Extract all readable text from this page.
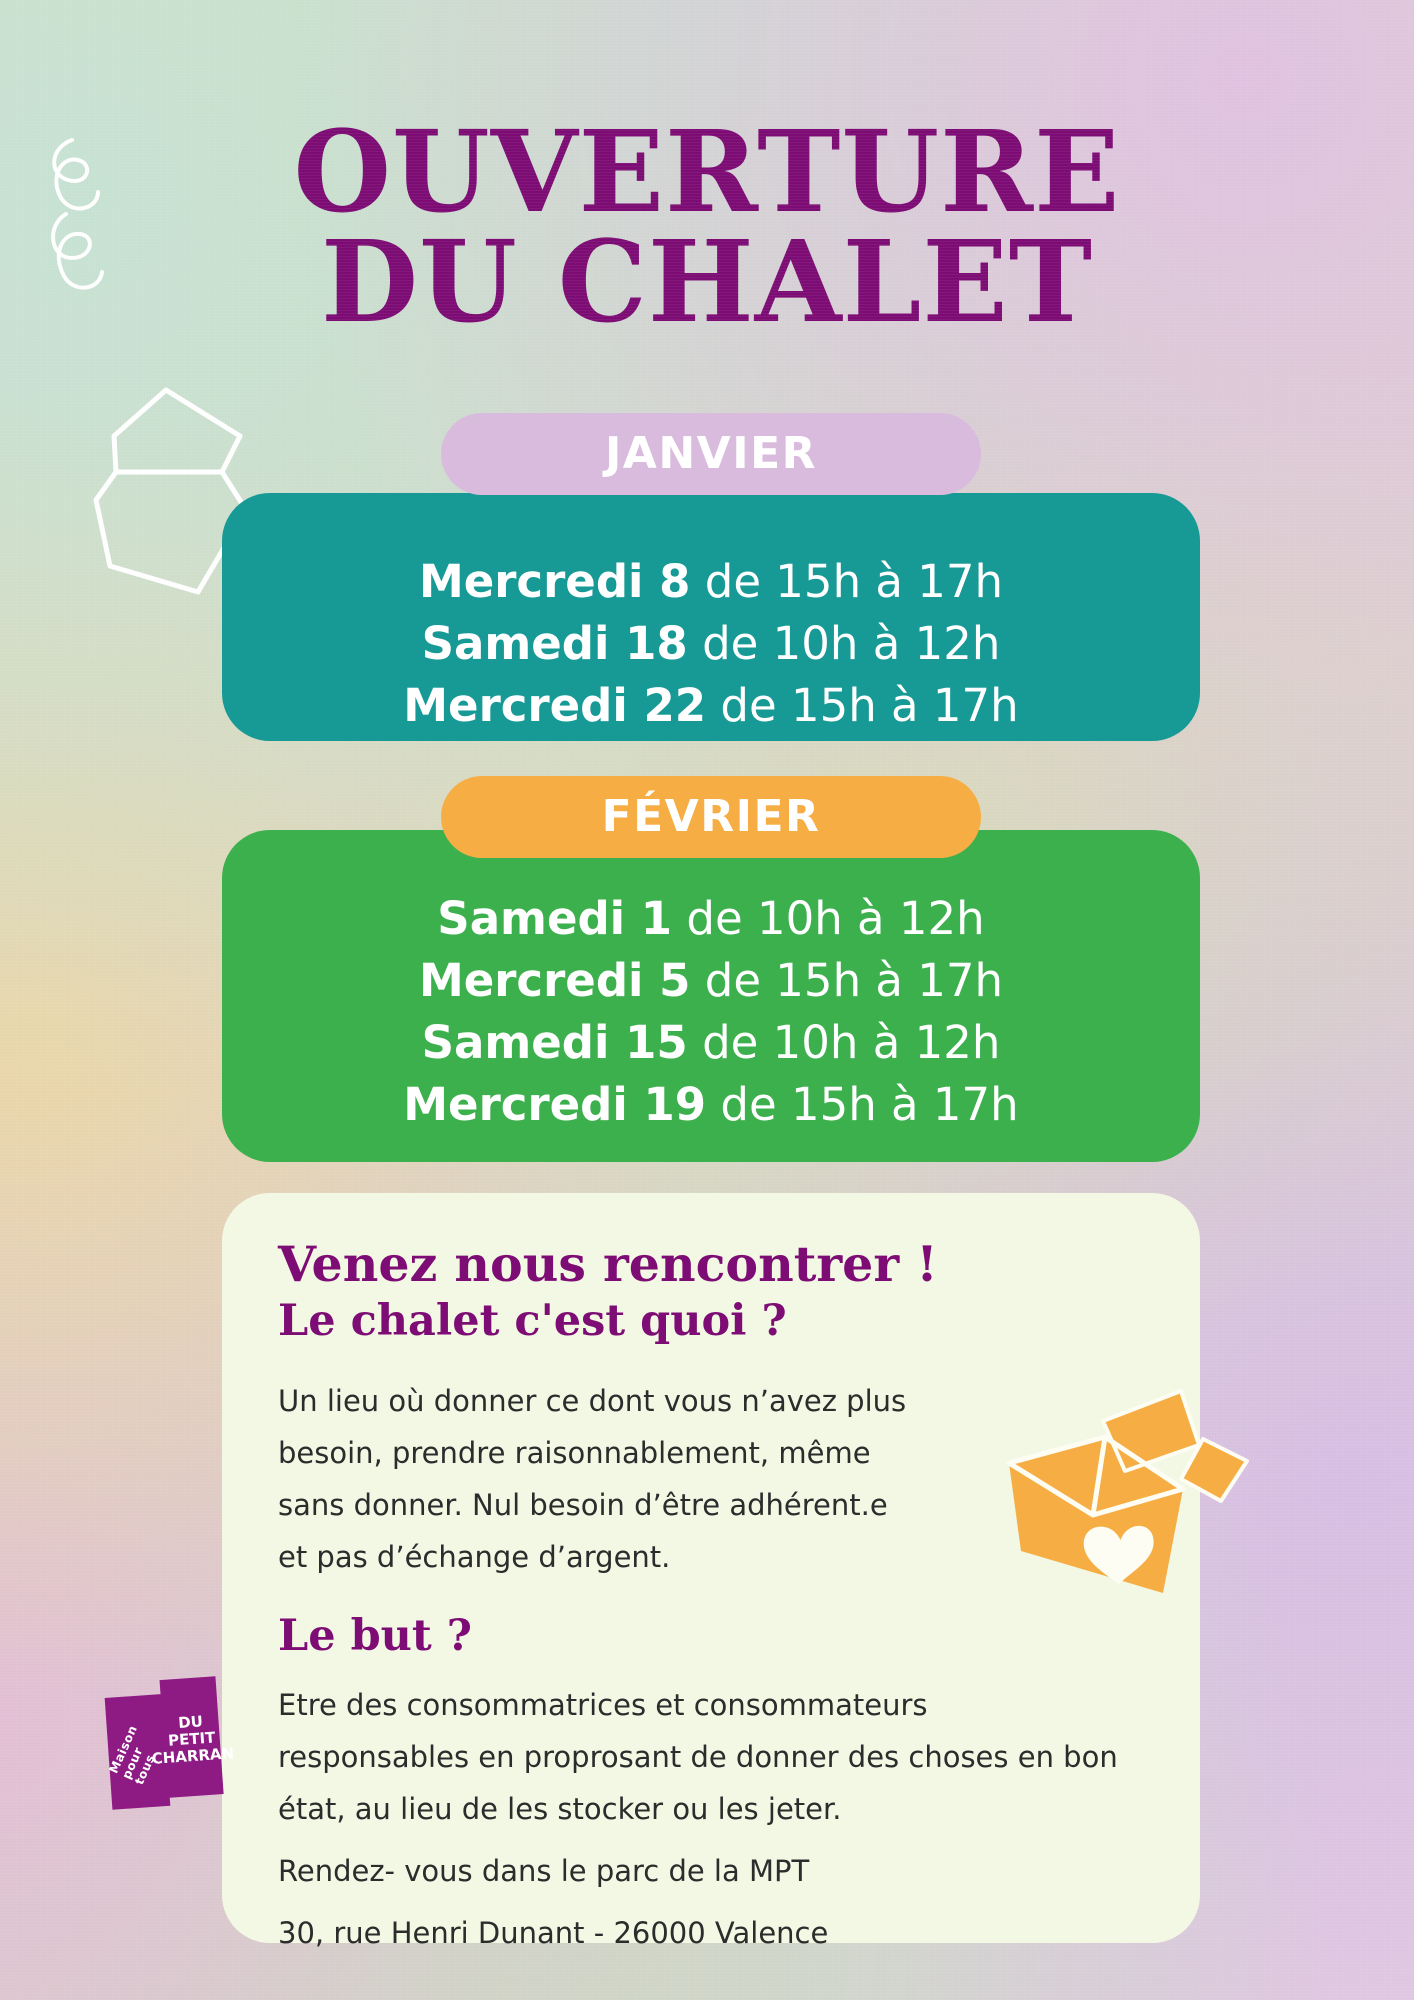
OUVERTURE
DU CHALET
Mercredi 8 de 15h à 17h
Samedi 18 de 10h à 12h
Mercredi 22 de 15h à 17h
JANVIER
Samedi 1 de 10h à 12h
Mercredi 5 de 15h à 17h
Samedi 15 de 10h à 12h
Mercredi 19 de 15h à 17h
FÉVRIER
Venez nous rencontrer !
Le chalet c'est quoi ?

Un lieu où donner ce dont vous n’avez plus besoin, prendre raisonnablement, même sans donner. Nul besoin d’être adhérent.e et pas d’échange d’argent.

Le but ?

Etre des consommatrices et consommateurs responsables en proprosant de donner des choses en bon état, au lieu de les stocker ou les jeter.

Rendez- vous dans le parc de la MPT

30, rue Henri Dunant - 26000 Valence

Maison pour tous
DU
PETIT
CHARRAN
